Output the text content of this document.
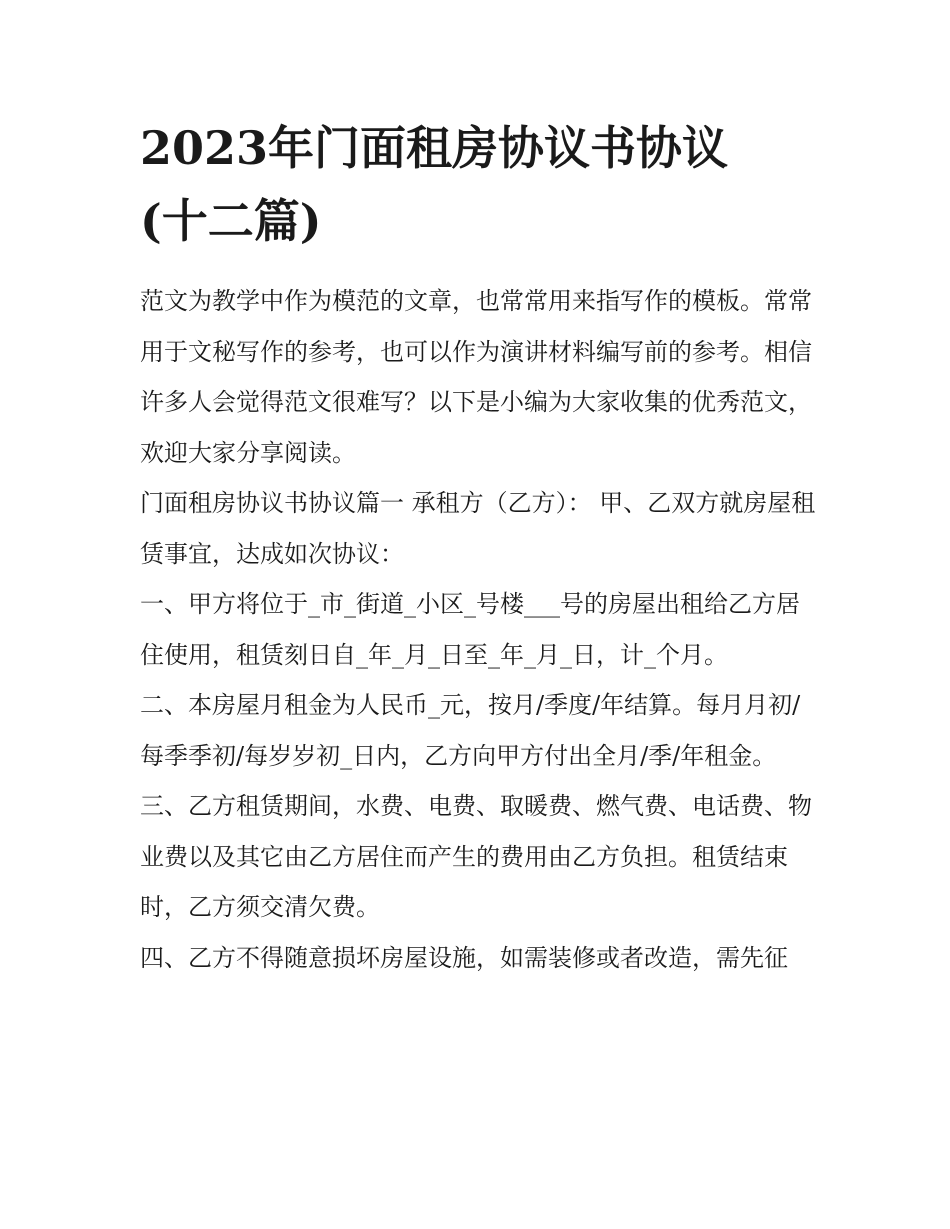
2023年门面租房协议书协议
(十二篇)

范文为教学中作为模范的文章，也常常用来指写作的模板。常常用于文秘写作的参考，也可以作为演讲材料编写前的参考。相信许多人会觉得范文很难写？以下是小编为大家收集的优秀范文，欢迎大家分享阅读。

门面租房协议书协议篇一 承租方（乙方）： 甲、乙双方就房屋租赁事宜，达成如次协议：

一、甲方将位于_市_街道_小区_号楼___号的房屋出租给乙方居住使用，租赁刻日自_年_月_日至_年_月_日，计_个月。

二、本房屋月租金为人民币_元，按月/季度/年结算。每月月初/每季季初/每岁岁初_日内，乙方向甲方付出全月/季/年租金。

三、乙方租赁期间，水费、电费、取暖费、燃气费、电话费、物业费以及其它由乙方居住而产生的费用由乙方负担。租赁结束时，乙方须交清欠费。

四、乙方不得随意损坏房屋设施，如需装修或者改造，需先征
